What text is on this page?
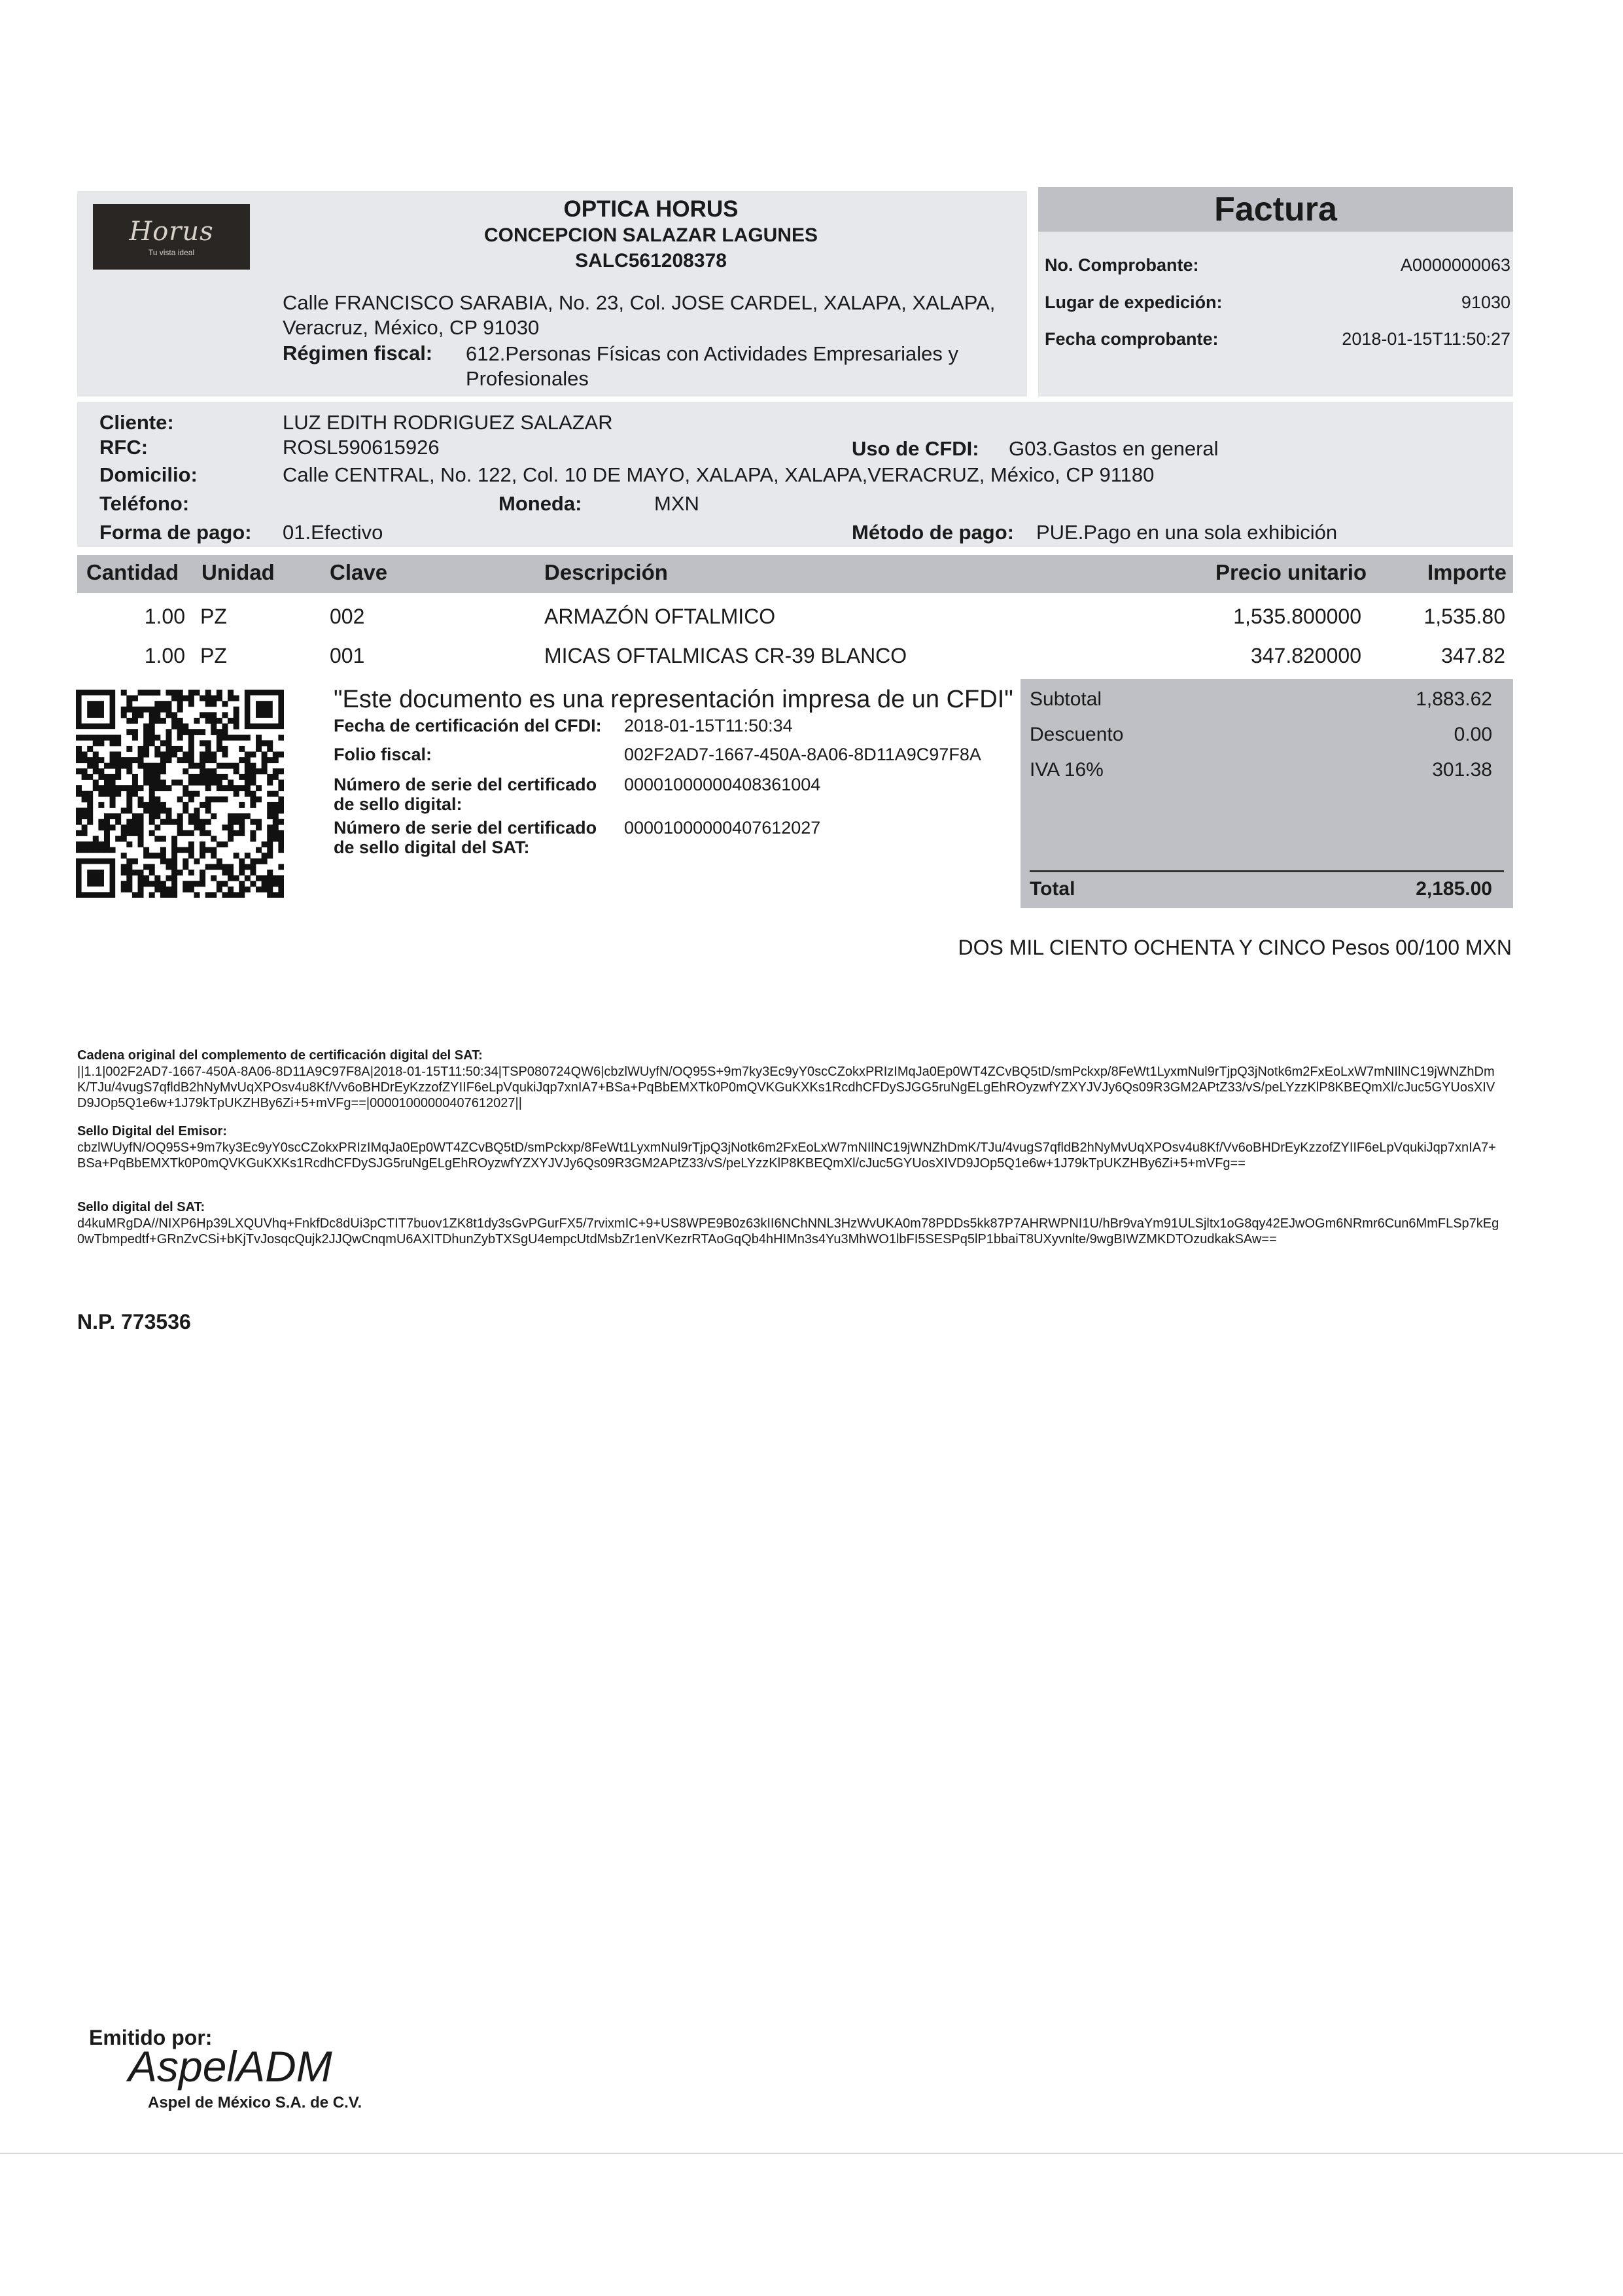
Horus
Tu vista ideal
OPTICA HORUS
CONCEPCION SALAZAR LAGUNES
SALC561208378
Calle FRANCISCO SARABIA, No. 23, Col. JOSE CARDEL, XALAPA, XALAPA, Veracruz, México, CP 91030
Régimen fiscal: 612.Personas Físicas con Actividades Empresariales y Profesionales
Factura
No. Comprobante:	A0000000063
Lugar de expedición:	91030
Fecha comprobante:	2018-01-15T11:50:27
Cliente:	LUZ EDITH RODRIGUEZ SALAZAR
RFC:	ROSL590615926	Uso de CFDI: G03.Gastos en general
Domicilio:	Calle CENTRAL, No. 122, Col. 10 DE MAYO, XALAPA, XALAPA,VERACRUZ, México, CP 91180
Teléfono:	Moneda:	MXN
Forma de pago: 01.Efectivo	Método de pago: PUE.Pago en una sola exhibición
Cantidad Unidad	Clave	Descripción	Precio unitario	Importe
1.00 PZ	002	ARMAZÓN OFTALMICO	1,535.800000	1,535.80
1.00 PZ	001	MICAS OFTALMICAS CR-39 BLANCO	347.820000	347.82
"Este documento es una representación impresa de un CFDI"
Fecha de certificación del CFDI: 2018-01-15T11:50:34
Folio fiscal:	002F2AD7-1667-450A-8A06-8D11A9C97F8A
Número de serie del certificado
de sello digital:
00001000000408361004
Número de serie del certificado
de sello digital del SAT:
00001000000407612027
Subtotal	1,883.62
Descuento	0.00
IVA 16%	301.38
Total	2,185.00
DOS MIL CIENTO OCHENTA Y CINCO Pesos 00/100 MXN
Cadena original del complemento de certificación digital del SAT:
||1.1|002F2AD7-1667-450A-8A06-8D11A9C97F8A|2018-01-15T11:50:34|TSP080724QW6|cbzlWUyfN/OQ95S+9m7ky3Ec9yY0scCZokxPRIzIMqJa0Ep0WT4ZCvBQ5tD/smPckxp/8FeWt1LyxmNul9rTjpQ3jNotk6m2FxEoLxW7mNIlNC19jWNZhDmK/TJu/4vugS7qfldB2hNyMvUqXPOsv4u8Kf/Vv6oBHDrEyKzzofZYIIF6eLpVqukiJqp7xnIA7+BSa+PqBbEMXTk0P0mQVKGuKXKs1RcdhCFDySJGG5ruNgELgEhROyzwfYZXYJVJy6Qs09R3GM2APtZ33/vS/peLYzzKlP8KBEQmXl/cJuc5GYUosXIVD9JOp5Q1e6w+1J79kTpUKZHBy6Zi+5+mVFg==|00001000000407612027||
Sello Digital del Emisor:
cbzlWUyfN/OQ95S+9m7ky3Ec9yY0scCZokxPRIzIMqJa0Ep0WT4ZCvBQ5tD/smPckxp/8FeWt1LyxmNul9rTjpQ3jNotk6m2FxEoLxW7mNIlNC19jWNZhDmK/TJu/4vugS7qfldB2hNyMvUqXPOsv4u8Kf/Vv6oBHDrEyKzzofZYIIF6eLpVqukiJqp7xnIA7+BSa+PqBbEMXTk0P0mQVKGuKXKs1RcdhCFDySJG5ruNgELgEhROyzwfYZXYJVJy6Qs09R3GM2APtZ33/vS/peLYzzKlP8KBEQmXl/cJuc5GYUosXIVD9JOp5Q1e6w+1J79kTpUKZHBy6Zi+5+mVFg==
Sello digital del SAT:
d4kuMRgDA//NIXP6Hp39LXQUVhq+FnkfDc8dUi3pCTIT7buov1ZK8t1dy3sGvPGurFX5/7rvixmIC+9+US8WPE9B0z63kII6NChNNL3HzWvUKA0m78PDDs5kk87P7AHRWPNI1U/hBr9vaYm91ULSjltx1oG8qy42EJwOGm6NRmr6Cun6MmFLSp7kEg0wTbmpedtf+GRnZvCSi+bKjTvJosqcQujk2JJQwCnqmU6AXITDhunZybTXSgU4empcUtdMsbZr1enVKezrRTAoGqQb4hHIMn3s4Yu3MhWO1lbFI5SESPq5lP1bbaiT8UXyvnlte/9wgBIWZMKDTOzudkakSAw==
N.P. 773536
Emitido por:
AspelADM
Aspel de México S.A. de C.V.
